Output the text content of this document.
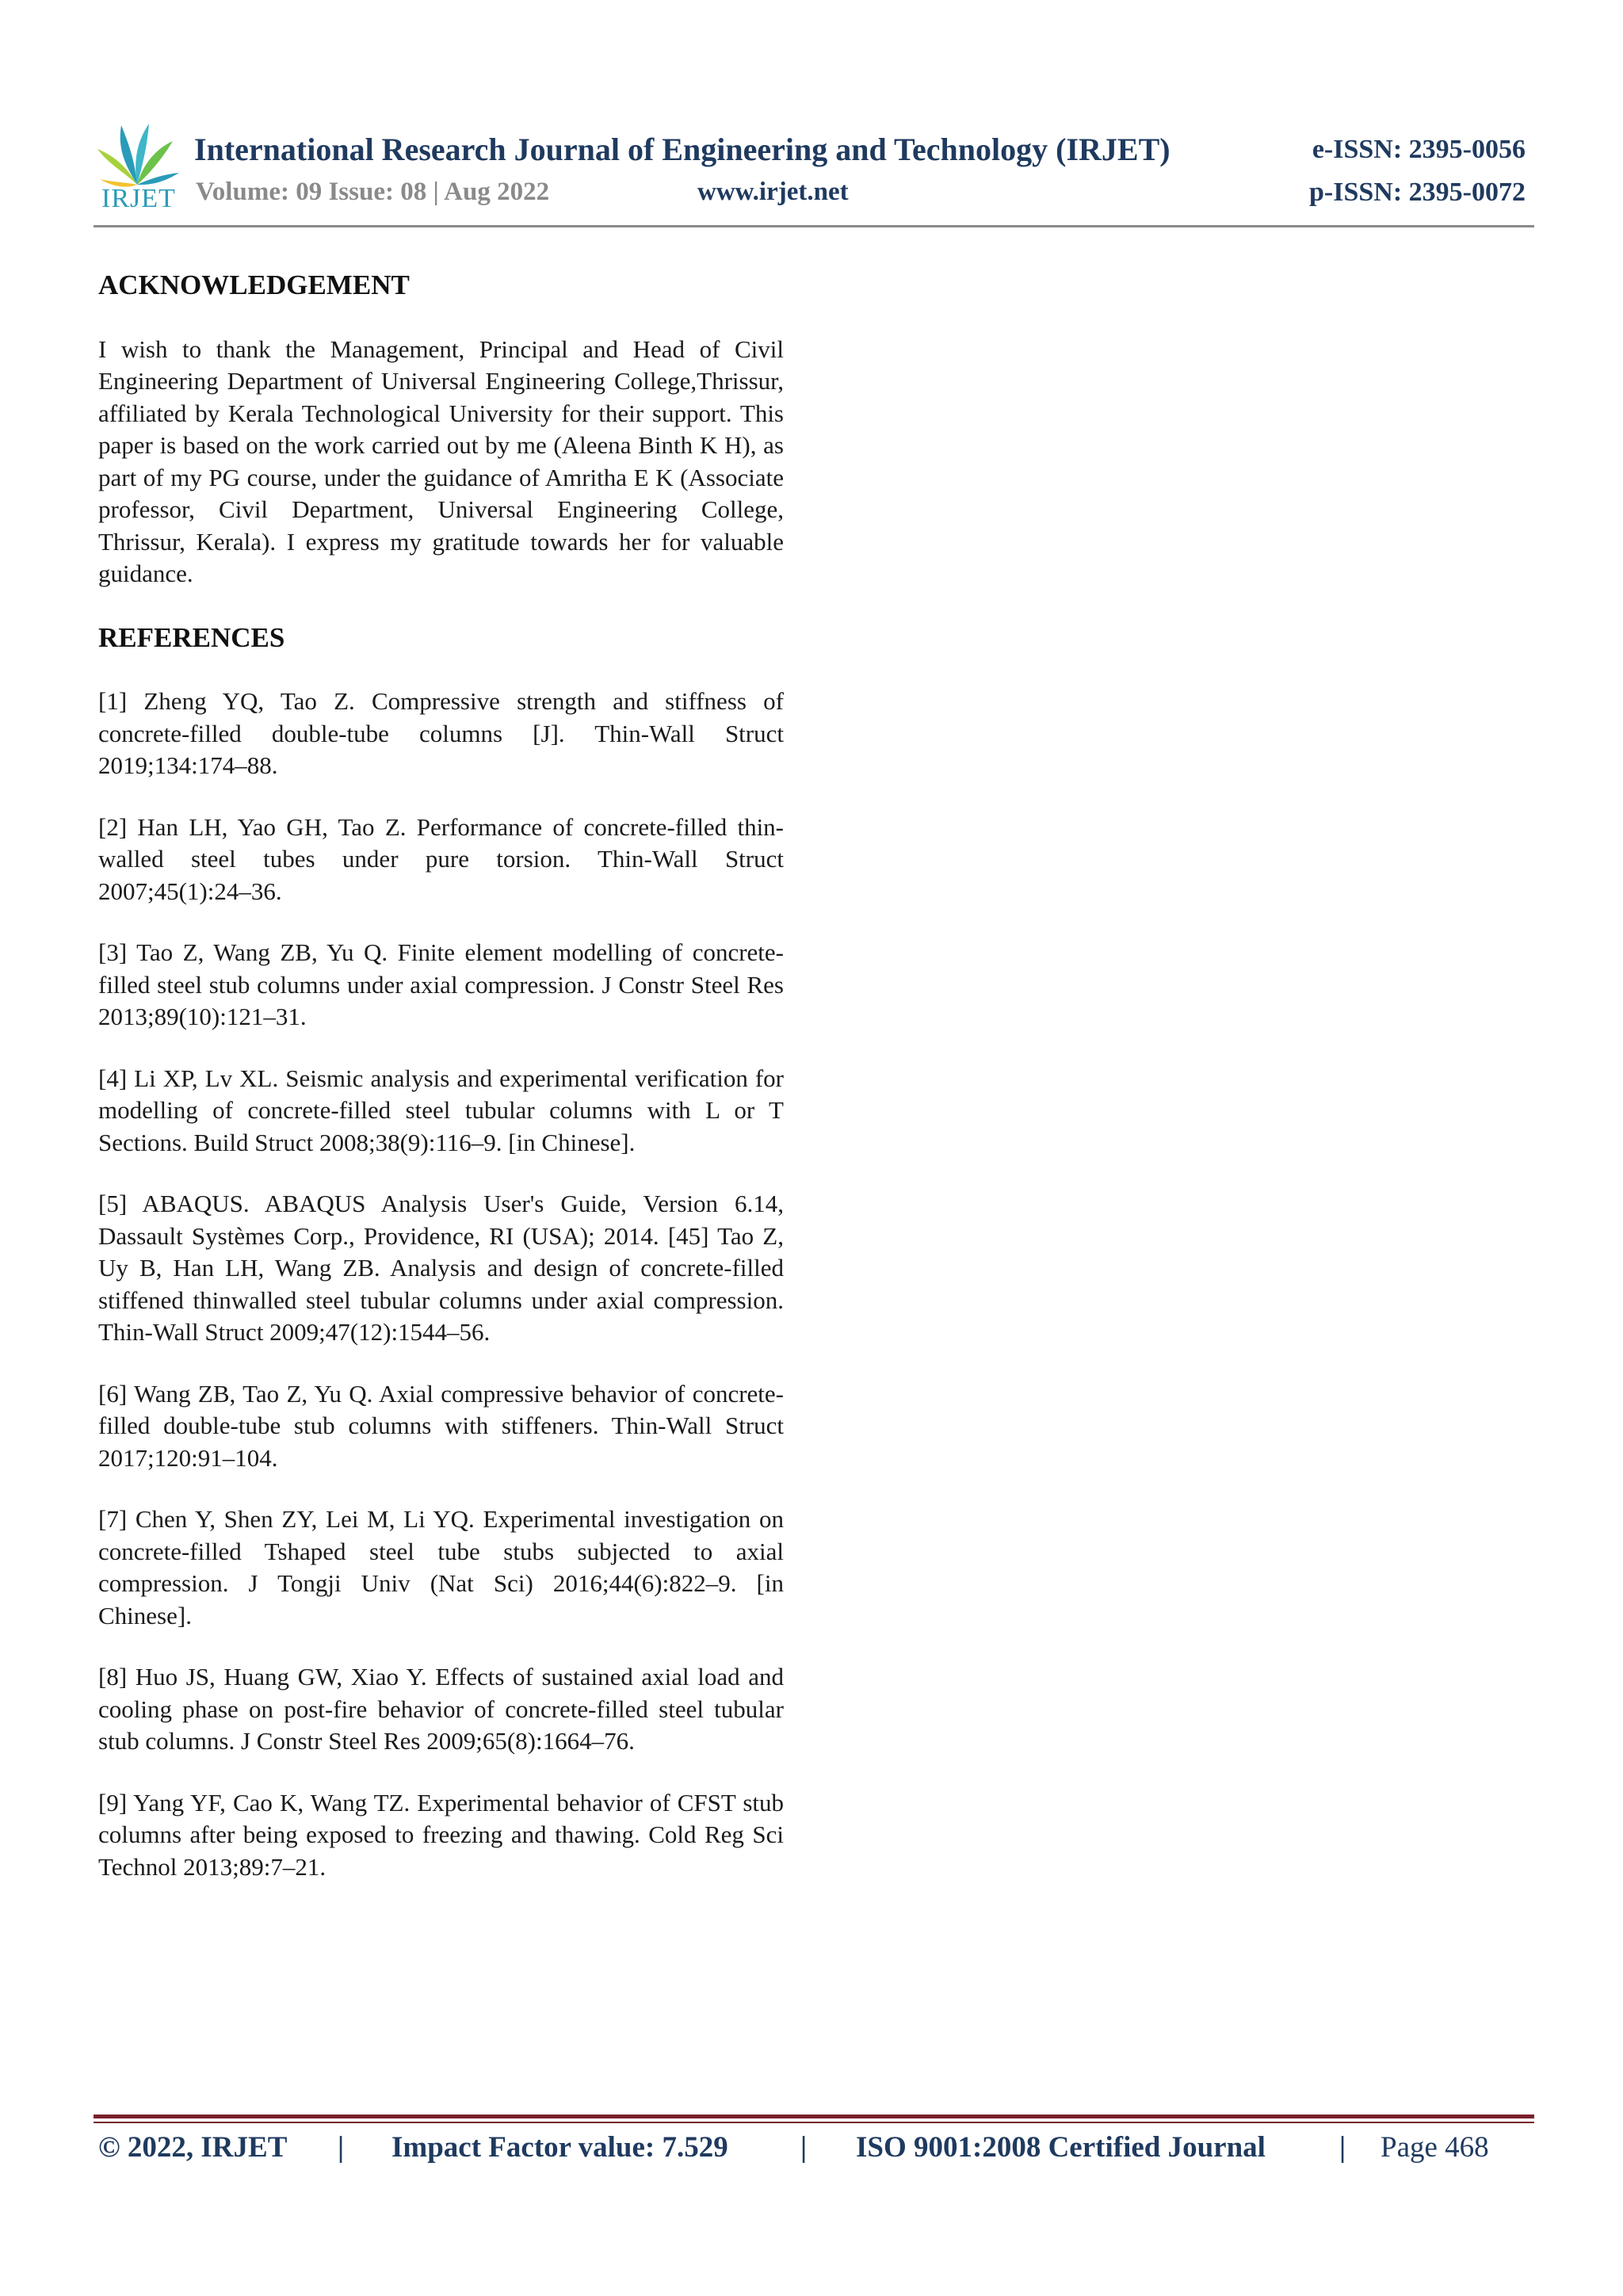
IRJET
International Research Journal of Engineering and Technology (IRJET)	e-ISSN: 2395-0056
Volume: 09 Issue: 08 | Aug 2022	www.irjet.net	p-ISSN: 2395-0072
ACKNOWLEDGEMENT

I wish to thank the Management, Principal and Head of Civil Engineering Department of Universal Engineering College,Thrissur, affiliated by Kerala Technological University for their support. This paper is based on the work carried out by me (Aleena Binth K H), as part of my PG course, under the guidance of Amritha E K (Associate professor, Civil Department, Universal Engineering College, Thrissur, Kerala). I express my gratitude towards her for valuable guidance.

REFERENCES

[1] Zheng YQ, Tao Z. Compressive strength and stiffness of concrete-filled double-tube columns [J]. Thin-Wall Struct 2019;134:174–88.

[2] Han LH, Yao GH, Tao Z. Performance of concrete-filled thin-walled steel tubes under pure torsion. Thin-Wall Struct 2007;45(1):24–36.

[3] Tao Z, Wang ZB, Yu Q. Finite element modelling of concrete-filled steel stub columns under axial compression. J Constr Steel Res 2013;89(10):121–31.

[4] Li XP, Lv XL. Seismic analysis and experimental verification for modelling of concrete-filled steel tubular columns with L or T Sections. Build Struct 2008;38(9):116–9. [in Chinese].

[5] ABAQUS. ABAQUS Analysis User's Guide, Version 6.14, Dassault Systèmes Corp., Providence, RI (USA); 2014. [45] Tao Z, Uy B, Han LH, Wang ZB. Analysis and design of concrete-filled stiffened thinwalled steel tubular columns under axial compression. Thin-Wall Struct 2009;47(12):1544–56.

[6] Wang ZB, Tao Z, Yu Q. Axial compressive behavior of concrete-filled double-tube stub columns with stiffeners. Thin-Wall Struct 2017;120:91–104.

[7] Chen Y, Shen ZY, Lei M, Li YQ. Experimental investigation on concrete-filled Tshaped steel tube stubs subjected to axial compression. J Tongji Univ (Nat Sci) 2016;44(6):822–9. [in Chinese].

[8] Huo JS, Huang GW, Xiao Y. Effects of sustained axial load and cooling phase on post-fire behavior of concrete-filled steel tubular stub columns. J Constr Steel Res 2009;65(8):1664–76.

[9] Yang YF, Cao K, Wang TZ. Experimental behavior of CFST stub columns after being exposed to freezing and thawing. Cold Reg Sci Technol 2013;89:7–21.

© 2022, IRJET | Impact Factor value: 7.529 | ISO 9001:2008 Certified Journal	| Page 468
